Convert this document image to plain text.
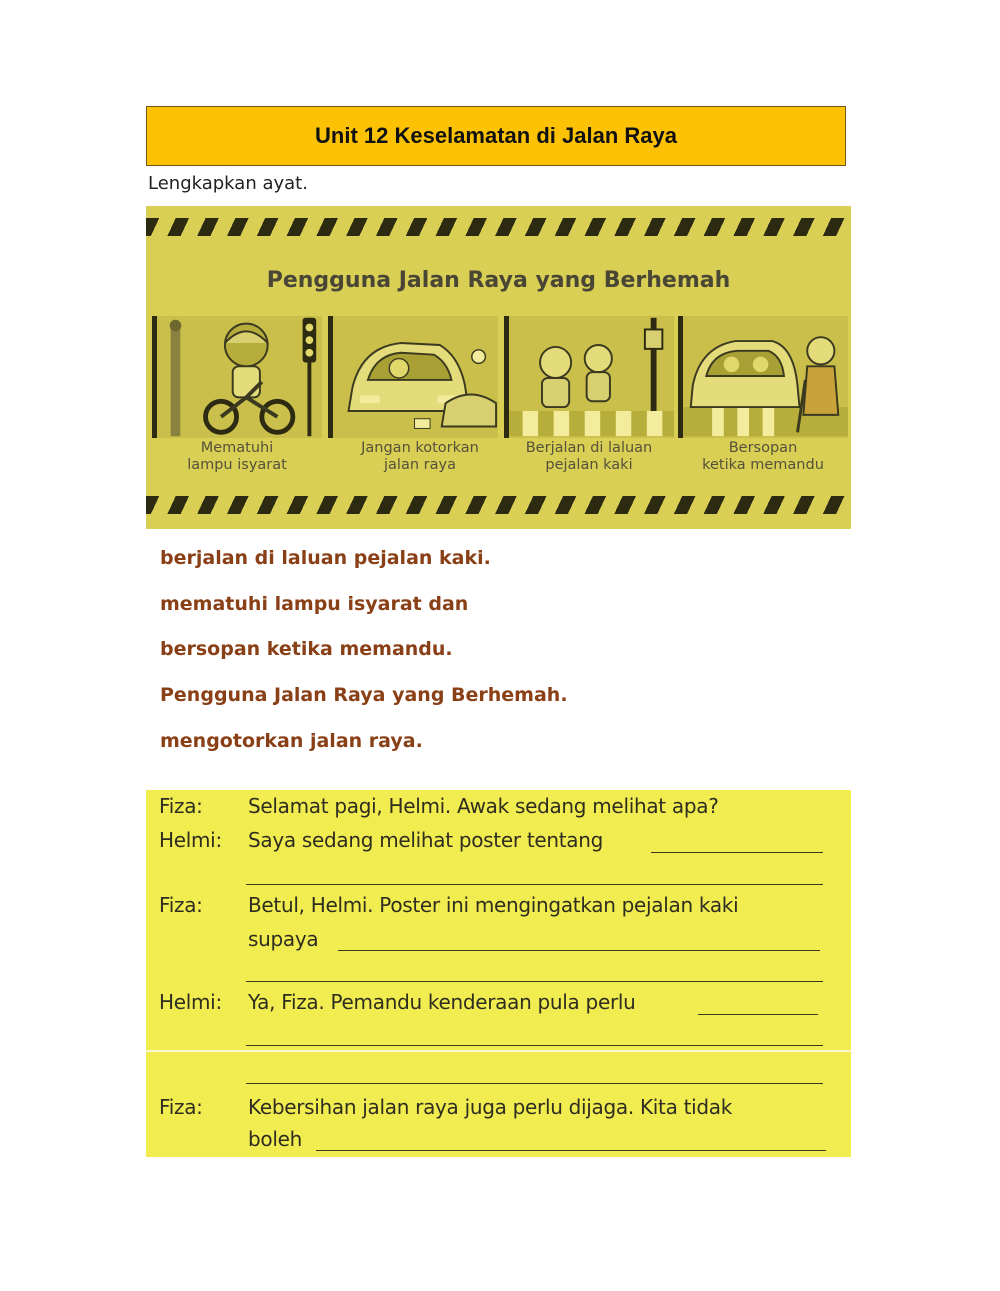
Unit 12 Keselamatan di Jalan Raya
Lengkapkan ayat.
Pengguna Jalan Raya yang Berhemah
Mematuhi
lampu isyarat
Jangan kotorkan
jalan raya
Berjalan di laluan
pejalan kaki
Bersopan
ketika memandu
berjalan di laluan pejalan kaki.
mematuhi lampu isyarat dan
bersopan ketika memandu.
Pengguna Jalan Raya yang Berhemah.
mengotorkan jalan raya.
Fiza: Selamat pagi, Helmi. Awak sedang melihat apa?
Helmi: Saya sedang melihat poster tentang
Fiza: Betul, Helmi. Poster ini mengingatkan pejalan kaki
supaya
Helmi: Ya, Fiza. Pemandu kenderaan pula perlu
Fiza: Kebersihan jalan raya juga perlu dijaga. Kita tidak
boleh
